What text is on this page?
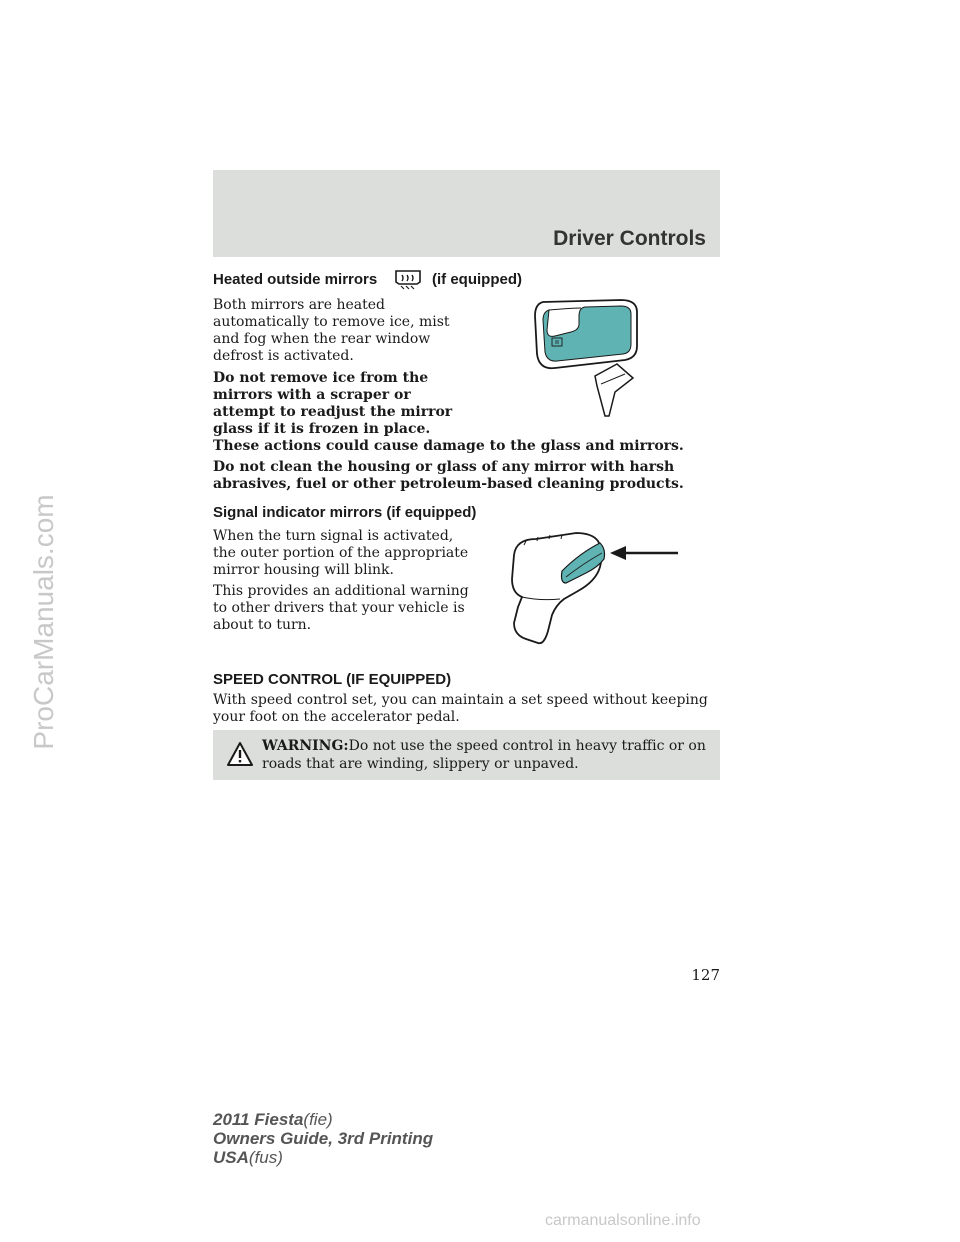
ProCarManuals.com
Driver Controls

Heated outside mirrors	(if equipped)

Both mirrors are heated
automatically to remove ice, mist
and fog when the rear window
defrost is activated.
Do not remove ice from the
mirrors with a scraper or
attempt to readjust the mirror
glass if it is frozen in place.
These actions could cause damage to the glass and mirrors.
Do not clean the housing or glass of any mirror with harsh
abrasives, fuel or other petroleum-based cleaning products.

Signal indicator mirrors (if equipped)

When the turn signal is activated,
the outer portion of the appropriate
mirror housing will blink.
This provides an additional warning
to other drivers that your vehicle is
about to turn.

SPEED CONTROL (IF EQUIPPED)

With speed control set, you can maintain a set speed without keeping
your foot on the accelerator pedal.
WARNING:Do not use the speed control in heavy traffic or on
roads that are winding, slippery or unpaved.
127
2011 Fiesta(fie)
Owners Guide, 3rd Printing
USA(fus)
carmanualsonline.info
